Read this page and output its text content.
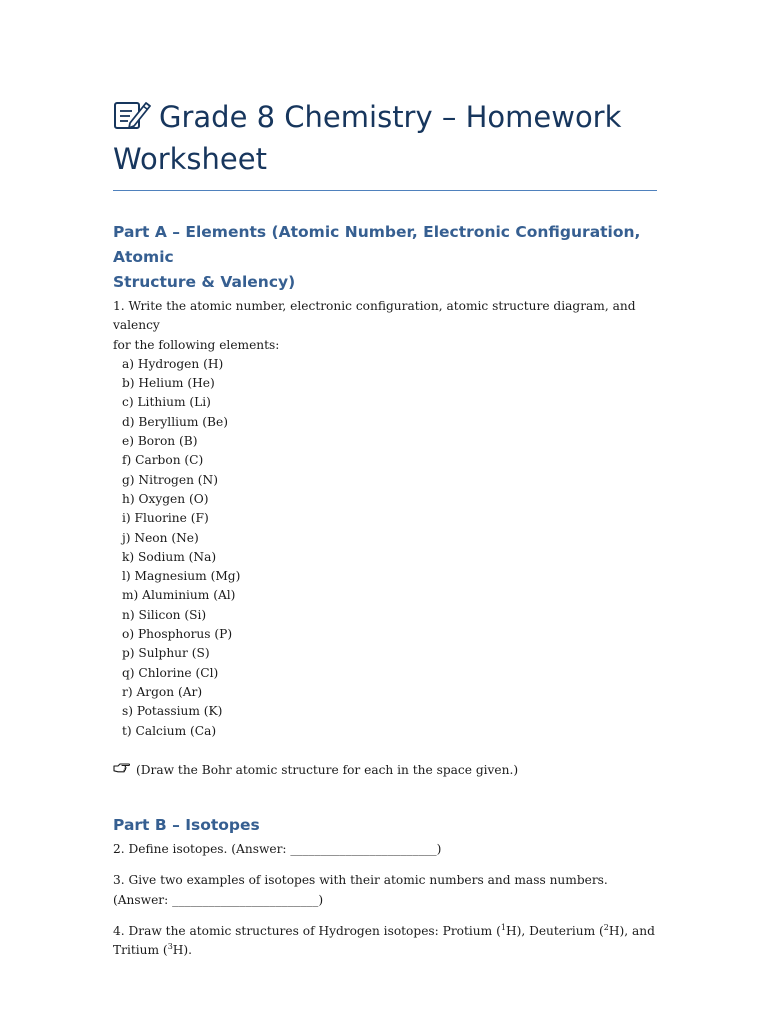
Grade 8 Chemistry – Homework
Worksheet

Part A – Elements (Atomic Number, Electronic Configuration, Atomic

Structure & Valency)

1. Write the atomic number, electronic configuration, atomic structure diagram, and valency

for the following elements:

a) Hydrogen (H)
b) Helium (He)
c) Lithium (Li)
d) Beryllium (Be)
e) Boron (B)
f) Carbon (C)
g) Nitrogen (N)
h) Oxygen (O)
i) Fluorine (F)
j) Neon (Ne)
k) Sodium (Na)
l) Magnesium (Mg)
m) Aluminium (Al)
n) Silicon (Si)
o) Phosphorus (P)
p) Sulphur (S)
q) Chlorine (Cl)
r) Argon (Ar)
s) Potassium (K)
t) Calcium (Ca)

(Draw the Bohr atomic structure for each in the space given.)

Part B – Isotopes

2. Define isotopes. (Answer: ________________________)

3. Give two examples of isotopes with their atomic numbers and mass numbers.

(Answer: ________________________)

4. Draw the atomic structures of Hydrogen isotopes: Protium ($^1$H), Deuterium ($^2$H), and

Tritium ($^3$H).
